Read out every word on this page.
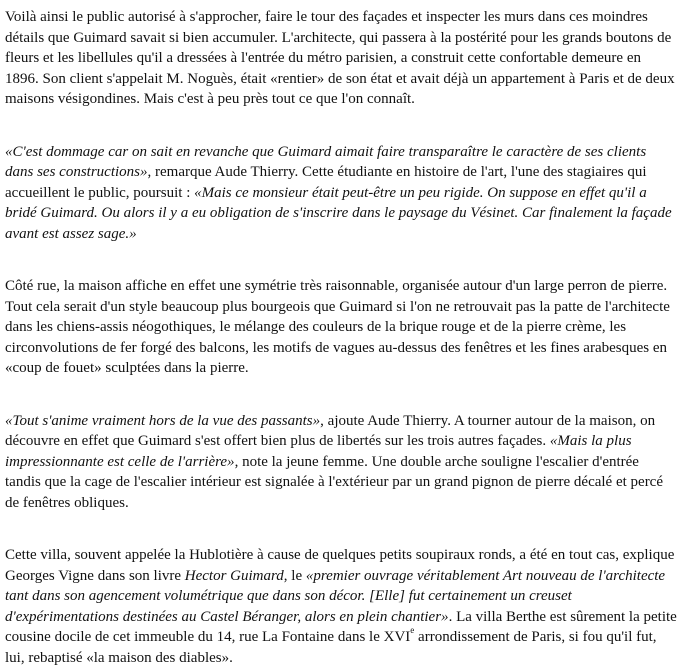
Voilà ainsi le public autorisé à s'approcher, faire le tour des façades et inspecter les murs dans ces moindres détails que Guimard savait si bien accumuler. L'architecte, qui passera à la postérité pour les grands boutons de fleurs et les libellules qu'il a dressées à l'entrée du métro parisien, a construit cette confortable demeure en 1896. Son client s'appelait M. Noguès, était «rentier» de son état et avait déjà un appartement à Paris et de deux maisons vésigondines. Mais c'est à peu près tout ce que l'on connaît.

«C'est dommage car on sait en revanche que Guimard aimait faire transparaître le caractère de ses clients dans ses constructions», remarque Aude Thierry. Cette étudiante en histoire de l'art, l'une des stagiaires qui accueillent le public, poursuit : «Mais ce monsieur était peut-être un peu rigide. On suppose en effet qu'il a bridé Guimard. Ou alors il y a eu obligation de s'inscrire dans le paysage du Vésinet. Car finalement la façade avant est assez sage.»

Côté rue, la maison affiche en effet une symétrie très raisonnable, organisée autour d'un large perron de pierre. Tout cela serait d'un style beaucoup plus bourgeois que Guimard si l'on ne retrouvait pas la patte de l'architecte dans les chiens-assis néogothiques, le mélange des couleurs de la brique rouge et de la pierre crème, les circonvolutions de fer forgé des balcons, les motifs de vagues au-dessus des fenêtres et les fines arabesques en «coup de fouet» sculptées dans la pierre.

«Tout s'anime vraiment hors de la vue des passants», ajoute Aude Thierry. A tourner autour de la maison, on découvre en effet que Guimard s'est offert bien plus de libertés sur les trois autres façades. «Mais la plus impressionnante est celle de l'arrière», note la jeune femme. Une double arche souligne l'escalier d'entrée tandis que la cage de l'escalier intérieur est signalée à l'extérieur par un grand pignon de pierre décalé et percé de fenêtres obliques.

Cette villa, souvent appelée la Hublotière à cause de quelques petits soupiraux ronds, a été en tout cas, explique Georges Vigne dans son livre Hector Guimard, le «premier ouvrage véritablement Art nouveau de l'architecte tant dans son agencement volumétrique que dans son décor. [Elle] fut certainement un creuset d'expérimentations destinées au Castel Béranger, alors en plein chantier». La villa Berthe est sûrement la petite cousine docile de cet immeuble du 14, rue La Fontaine dans le XVIe arrondissement de Paris, si fou qu'il fut, lui, rebaptisé «la maison des diables».
